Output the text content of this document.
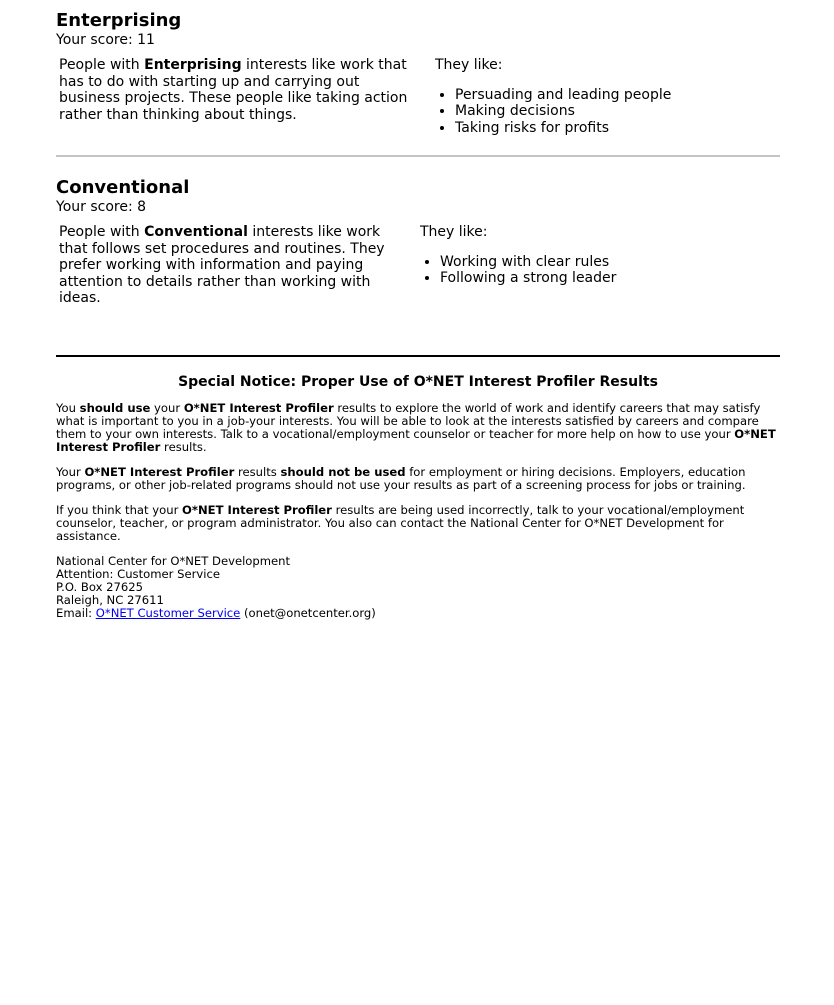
Enterprising
Your score: 11
People with Enterprising interests like work that has to do with starting up and carrying out business projects. These people like taking action rather than thinking about things.
They like:
• Persuading and leading people
• Making decisions
• Taking risks for profits
Conventional
Your score: 8
People with Conventional interests like work that follows set procedures and routines. They prefer working with information and paying attention to details rather than working with ideas.
They like:
• Working with clear rules
• Following a strong leader
Special Notice: Proper Use of O*NET Interest Profiler Results

You should use your O*NET Interest Profiler results to explore the world of work and identify careers that may satisfy what is important to you in a job-your interests. You will be able to look at the interests satisfied by careers and compare them to your own interests. Talk to a vocational/employment counselor or teacher for more help on how to use your O*NET Interest Profiler results.

Your O*NET Interest Profiler results should not be used for employment or hiring decisions. Employers, education programs, or other job-related programs should not use your results as part of a screening process for jobs or training.

If you think that your O*NET Interest Profiler results are being used incorrectly, talk to your vocational/employment counselor, teacher, or program administrator. You also can contact the National Center for O*NET Development for assistance.

National Center for O*NET Development
Attention: Customer Service
P.O. Box 27625
Raleigh, NC 27611
Email: O*NET Customer Service (onet@onetcenter.org)
